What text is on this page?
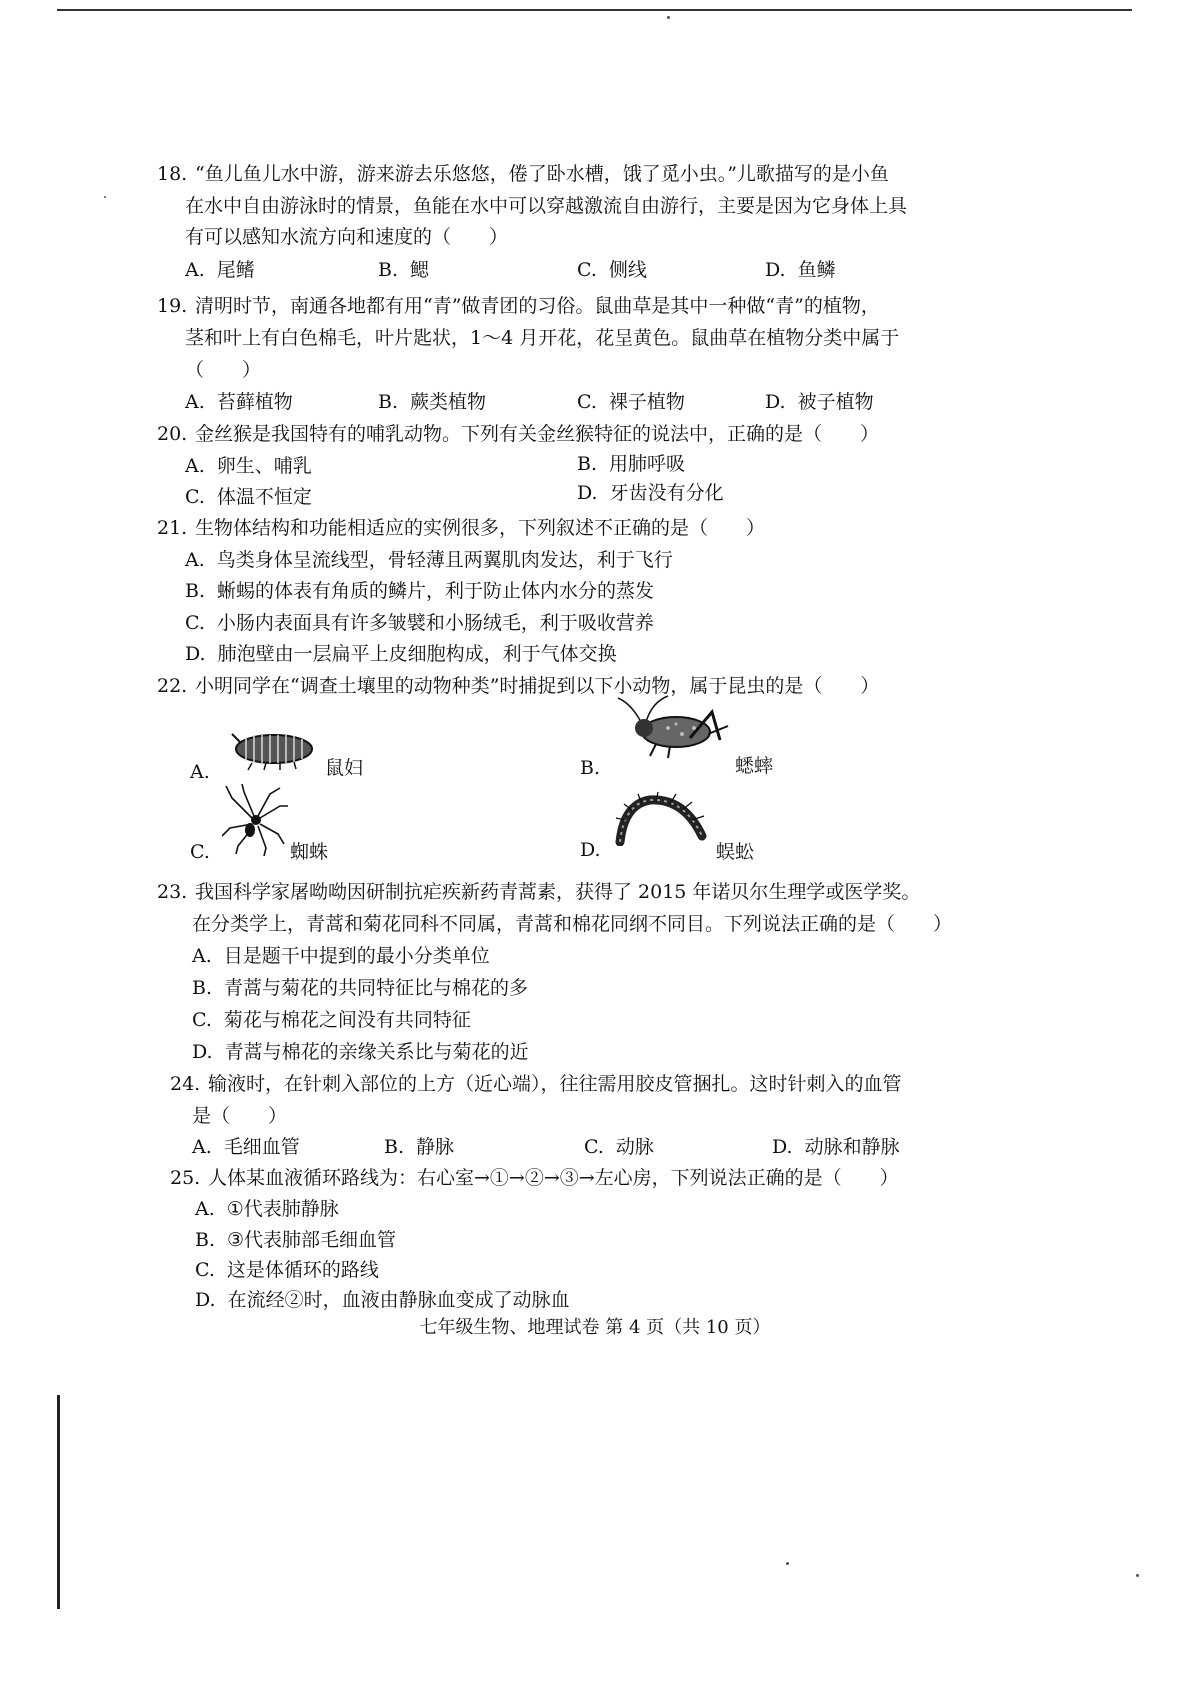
18. “鱼儿鱼儿水中游，游来游去乐悠悠，倦了卧水槽，饿了觅小虫。”儿歌描写的是小鱼
在水中自由游泳时的情景，鱼能在水中可以穿越激流自由游行，主要是因为它身体上具
有可以感知水流方向和速度的（　　）
A. 尾鳍	B. 鳃	C. 侧线	D. 鱼鳞
19. 清明时节，南通各地都有用“青”做青团的习俗。鼠曲草是其中一种做“青”的植物，
茎和叶上有白色棉毛，叶片匙状，1～4 月开花，花呈黄色。鼠曲草在植物分类中属于
（　　）
A. 苔藓植物	B. 蕨类植物	C. 裸子植物	D. 被子植物
20. 金丝猴是我国特有的哺乳动物。下列有关金丝猴特征的说法中，正确的是（　　）
A. 卵生、哺乳	B. 用肺呼吸
C. 体温不恒定	D. 牙齿没有分化
21. 生物体结构和功能相适应的实例很多，下列叙述不正确的是（　　）
A. 鸟类身体呈流线型，骨轻薄且两翼肌肉发达，利于飞行
B. 蜥蜴的体表有角质的鳞片，利于防止体内水分的蒸发
C. 小肠内表面具有许多皱襞和小肠绒毛，利于吸收营养
D. 肺泡壁由一层扁平上皮细胞构成，利于气体交换
22. 小明同学在“调查土壤里的动物种类”时捕捉到以下小动物，属于昆虫的是（　　）
A.	鼠妇	B.	蟋蟀
C.	蜘蛛	D.	蜈蚣
23. 我国科学家屠呦呦因研制抗疟疾新药青蒿素，获得了 2015 年诺贝尔生理学或医学奖。
在分类学上，青蒿和菊花同科不同属，青蒿和棉花同纲不同目。下列说法正确的是（　　）
A. 目是题干中提到的最小分类单位
B. 青蒿与菊花的共同特征比与棉花的多
C. 菊花与棉花之间没有共同特征
D. 青蒿与棉花的亲缘关系比与菊花的近
24. 输液时，在针刺入部位的上方（近心端），往往需用胶皮管捆扎。这时针刺入的血管
是（　　）
A. 毛细血管	B. 静脉	C. 动脉	D. 动脉和静脉
25. 人体某血液循环路线为：右心室→①→②→③→左心房，下列说法正确的是（　　）
A. ①代表肺静脉
B. ③代表肺部毛细血管
C. 这是体循环的路线
D. 在流经②时，血液由静脉血变成了动脉血
七年级生物、地理试卷 第 4 页（共 10 页）
